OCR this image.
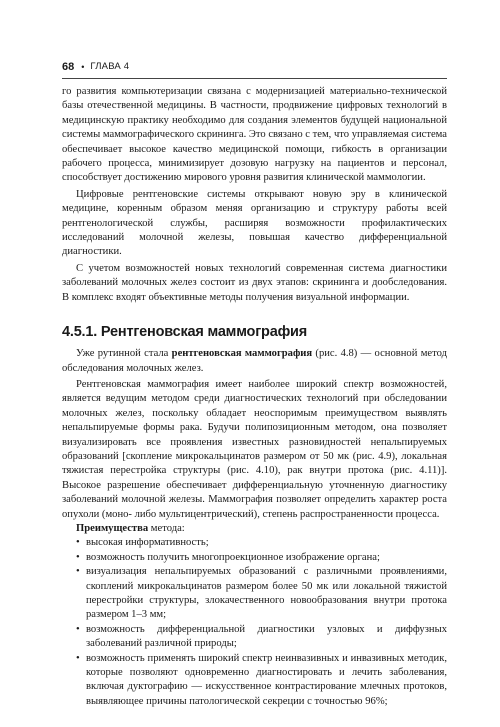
68 • ГЛАВА 4

го развития компьютеризации связана с модернизацией материально-технической базы отечественной медицины. В частности, продвижение цифровых технологий в медицинскую практику необходимо для создания элементов будущей национальной системы маммографического скрининга. Это связано с тем, что управляемая система обеспечивает высокое качество медицинской помощи, гибкость в организации рабочего процесса, минимизирует дозовую нагрузку на пациентов и персонал, способствует достижению мирового уровня развития клинической маммологии.

Цифровые рентгеновские системы открывают новую эру в клинической медицине, коренным образом меняя организацию и структуру работы всей рентгенологической службы, расширяя возможности профилактических исследований молочной железы, повышая качество дифференциальной диагностики.

С учетом возможностей новых технологий современная система диагностики заболеваний молочных желез состоит из двух этапов: скрининга и дообследования. В комплекс входят объективные методы получения визуальной информации.

4.5.1. Рентгеновская маммография

Уже рутинной стала рентгеновская маммография (рис. 4.8) — основной метод обследования молочных желез.

Рентгеновская маммография имеет наиболее широкий спектр возможностей, является ведущим методом среди диагностических технологий при обследовании молочных желез, поскольку обладает неоспоримым преимуществом выявлять непальпируемые формы рака. Будучи полипозиционным методом, она позволяет визуализировать все проявления известных разновидностей непальпируемых образований [скопление микрокальцинатов размером от 50 мк (рис. 4.9), локальная тяжистая перестройка структуры (рис. 4.10), рак внутри протока (рис. 4.11)]. Высокое разрешение обеспечивает дифференциальную уточненную диагностику заболеваний молочной железы. Маммография позволяет определить характер роста опухоли (моно- либо мультицентрический), степень распространенности процесса.

Преимущества метода:

• высокая информативность;
• возможность получить многопроекционное изображение органа;
• визуализация непальпируемых образований с различными проявлениями, скоплений микрокальцинатов размером более 50 мк или локальной тяжистой перестройки структуры, злокачественного новообразования внутри протока размером 1–3 мм;
• возможность дифференциальной диагностики узловых и диффузных заболеваний различной природы;
• возможность применять широкий спектр неинвазивных и инвазивных методик, которые позволяют одновременно диагностировать и лечить заболевания, включая дуктографию — искусственное контрастирование млечных протоков, выявляющее причины патологической секреции с точностью 96%;
